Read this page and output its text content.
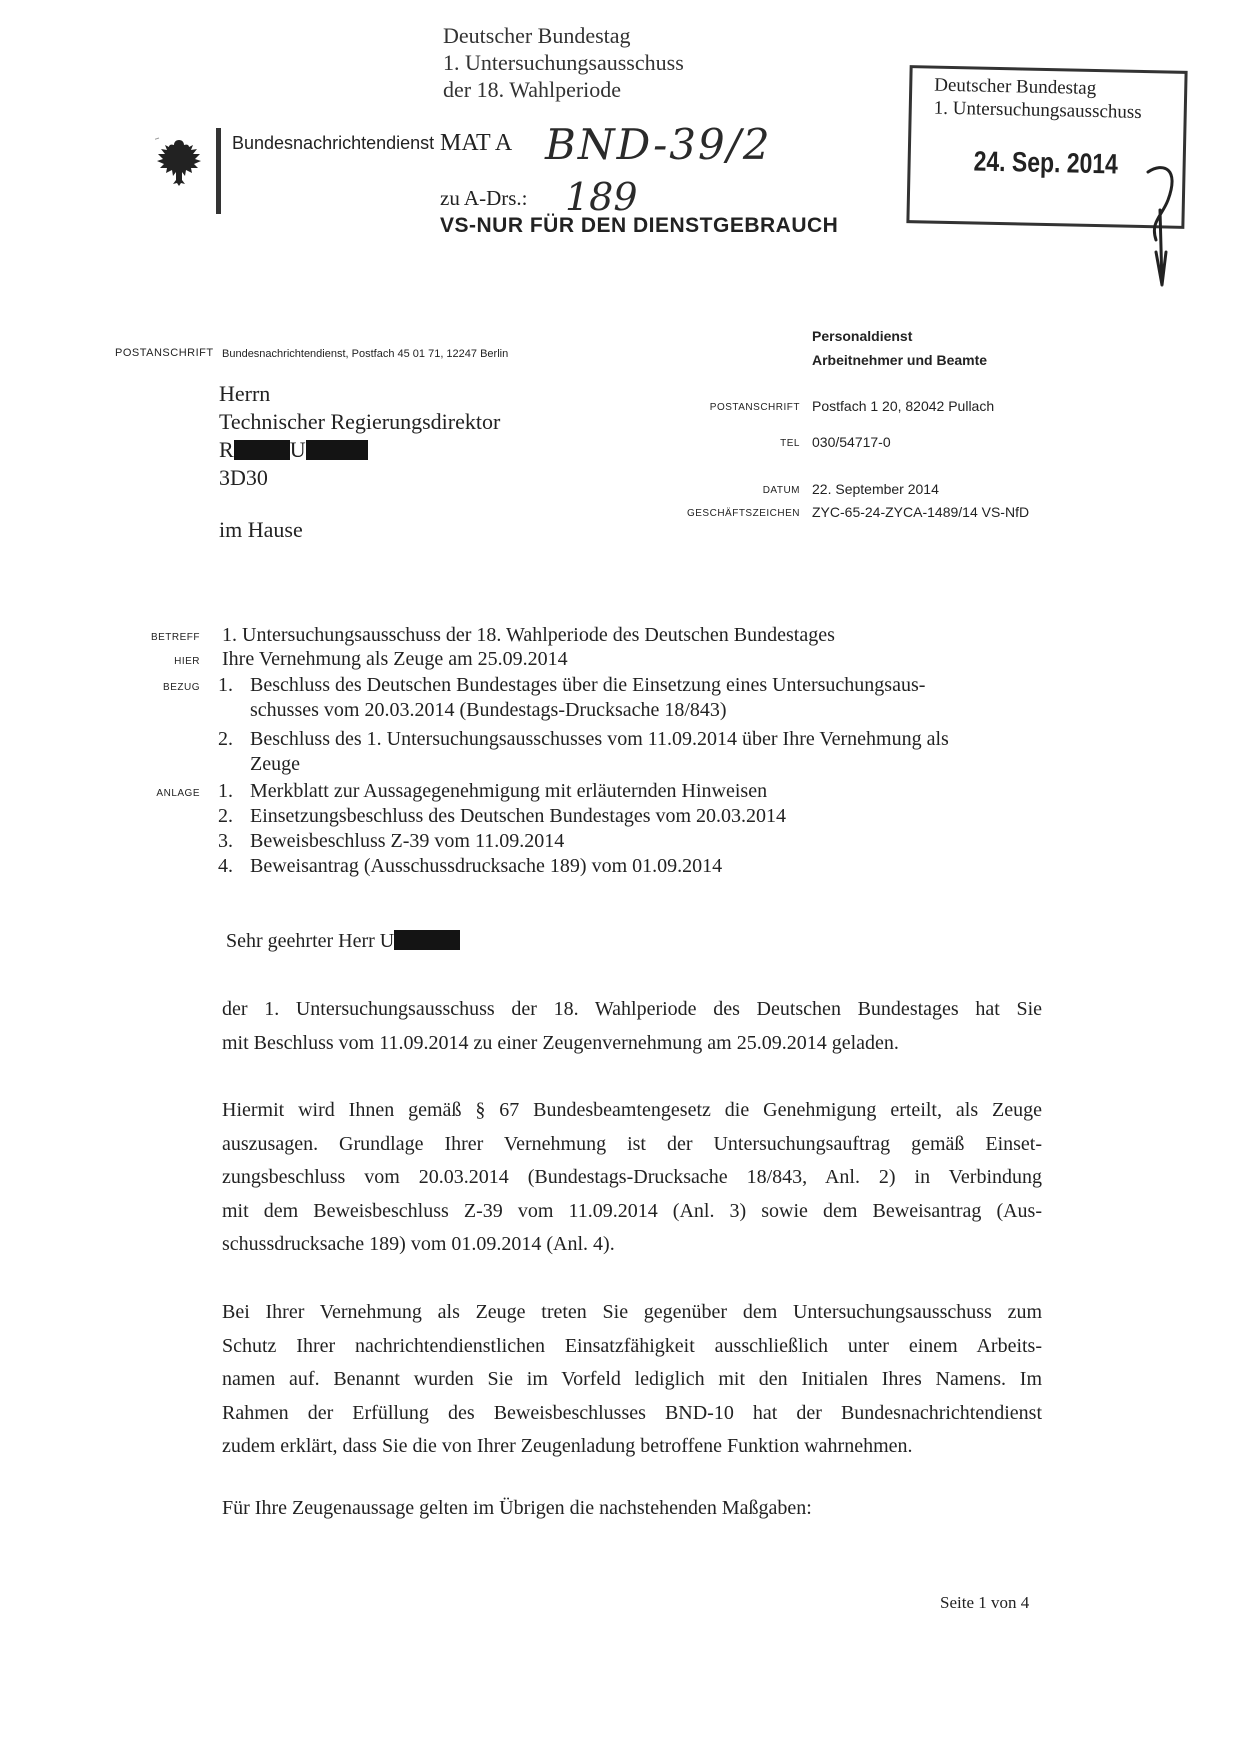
Deutscher Bundestag
1. Untersuchungsausschuss
der 18. Wahlperiode
Bundesnachrichtendienst MAT A BND-39/2
zu A-Drs.: 189
VS-NUR FÜR DEN DIENSTGEBRAUCH
Deutscher Bundestag
1. Untersuchungsausschuss
24. Sep. 2014
POSTANSCHRIFT Bundesnachrichtendienst, Postfach 45 01 71, 12247 Berlin
Herrn
Technischer Regierungsdirektor
R	U
3D30
im Hause
Personaldienst
Arbeitnehmer und Beamte
POSTANSCHRIFT Postfach 1 20, 82042 Pullach
TEL 030/54717-0
DATUM 22. September 2014
GESCHÄFTSZEICHEN ZYC-65-24-ZYCA-1489/14 VS-NfD
BETREFF 1. Untersuchungsausschuss der 18. Wahlperiode des Deutschen Bundestages
HIER Ihre Vernehmung als Zeuge am 25.09.2014
BEZUG 1. Beschluss des Deutschen Bundestages über die Einsetzung eines Untersuchungsaus-
schusses vom 20.03.2014 (Bundestags-Drucksache 18/843)
2. Beschluss des 1. Untersuchungsausschusses vom 11.09.2014 über Ihre Vernehmung als
Zeuge
ANLAGE 1. Merkblatt zur Aussagegenehmigung mit erläuternden Hinweisen
2. Einsetzungsbeschluss des Deutschen Bundestages vom 20.03.2014
3. Beweisbeschluss Z-39 vom 11.09.2014
4. Beweisantrag (Ausschussdrucksache 189) vom 01.09.2014
Sehr geehrter Herr U
der 1. Untersuchungsausschuss der 18. Wahlperiode des Deutschen Bundestages hat Sie
mit Beschluss vom 11.09.2014 zu einer Zeugenvernehmung am 25.09.2014 geladen.
Hiermit wird Ihnen gemäß § 67 Bundesbeamtengesetz die Genehmigung erteilt, als Zeuge
auszusagen. Grundlage Ihrer Vernehmung ist der Untersuchungsauftrag gemäß Einset-
zungsbeschluss vom 20.03.2014 (Bundestags-Drucksache 18/843, Anl. 2) in Verbindung
mit dem Beweisbeschluss Z-39 vom 11.09.2014 (Anl. 3) sowie dem Beweisantrag (Aus-
schussdrucksache 189) vom 01.09.2014 (Anl. 4).
Bei Ihrer Vernehmung als Zeuge treten Sie gegenüber dem Untersuchungsausschuss zum
Schutz Ihrer nachrichtendienstlichen Einsatzfähigkeit ausschließlich unter einem Arbeits-
namen auf. Benannt wurden Sie im Vorfeld lediglich mit den Initialen Ihres Namens. Im
Rahmen der Erfüllung des Beweisbeschlusses BND-10 hat der Bundesnachrichtendienst
zudem erklärt, dass Sie die von Ihrer Zeugenladung betroffene Funktion wahrnehmen.
Für Ihre Zeugenaussage gelten im Übrigen die nachstehenden Maßgaben:
Seite 1 von 4
